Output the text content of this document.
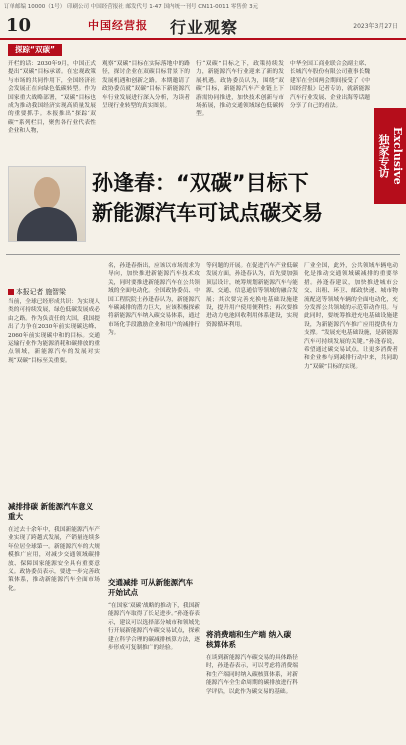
订单邮编 10000（1号） 印刷公司 中国经营报社 邮发代号 1-47 国内统一刊号 CN11-0011 零售价 3元
10	中国经营报 行业观察	2023年3月27日
探踪“双碳”
开栏的话：2030年9月，中国正式提出“双碳”目标承诺。在宏观政策与市场的共同作用下，全国经济社会发展正在向绿色低碳转型。作为国家重大战略部署，“双碳”目标也成为推动我国经济实现高质量发展的重要抓手。本报推出“探踪‘双碳’”系列栏目，聚焦各行业代表性企业和人物，
观察“双碳”目标在实际落地中的路径，探讨企业在双碳目标背景下的发展机遇和创新之路。本期邀请了政协委员就“双碳”目标下新能源汽车行业发展进行深入分析，为读者呈现行业转型的真实图景。
行“双碳”目标之下，政策持续发力，新能源汽车行业迎来了新的发展机遇。政协委员认为，围绕“双碳”目标，新能源汽车产业链上下游需协同推进，加快技术创新与市场拓展，推动交通领域绿色低碳转型。
中华全国工商业联合会副主席、长城汽车股份有限公司董事长魏建军在全国两会期间接受了《中国经营报》记者专访，就新能源汽车行业发展、企业出海等话题分享了自己的看法。
Exclusive 独家专访
孙逢春：“双碳”目标下
新能源汽车可试点碳交易
本报记者 施智梁
当前，全球已经形成共识：为实现人类的可持续发展，绿色低碳发展成必由之路。作为负责任的大国，我国提出了力争在2030年前实现碳达峰、2060年前实现碳中和的目标。交通运输行业作为能源消耗和碳排放的重点领域，新能源汽车的发展对实现“双碳”目标至关重要。
减排排碳 新能源汽车意义重大
在过去十余年中，我国新能源汽车产业实现了跨越式发展，产销量连续多年位居全球第一。新能源汽车的大规模推广应用，对减少交通领域碳排放、保障国家能源安全具有重要意义。政协委员表示，要进一步完善政策体系，推动新能源汽车全面市场化。
名，孙逢春指出，应该以市场需求为导向，加快推进新能源汽车技术攻关，同时要推进新能源汽车在公共领域的全面电动化。全国政协委员、中国工程院院士孙逢春认为，新能源汽车碳减排的潜力巨大，应该积极探索将新能源汽车纳入碳交易体系，通过市场化手段激励企业和用户的减排行为。
交通减排 可从新能源汽车开始试点
“在国家‘双碳’战略的推动下，我国新能源汽车取得了长足进步。”孙逢春表示，建议可以选择部分城市和领域先行开展新能源汽车碳交易试点，探索建立科学合理的碳减排核算方法，逐步形成可复制推广的经验。
等问题的开展。在促进汽车产业低碳发展方面，孙逢春认为，首先要加强顶层设计，统筹规划新能源汽车与能源、交通、信息通信等领域的融合发展；其次要完善充换电基础设施建设，提升用户使用便利性；再次要推进动力电池回收利用体系建设，实现资源循环利用。
将消费端和生产端 纳入碳核算体系
在谈到新能源汽车碳交易的具体路径时，孙逢春表示，可以考虑将消费端和生产端同时纳入碳核算体系，对新能源汽车全生命周期的碳排放进行科学评估，以此作为碳交易的基础。
厂业全国，此外，公共领域车辆电动化是推动交通领域碳减排的重要举措。孙逢春建议，加快推进城市公交、出租、环卫、邮政快递、城市物流配送等领域车辆的全面电动化，充分发挥公共领域的示范带动作用。与此同时，要统筹推进充电基础设施建设，为新能源汽车推广应用提供有力支撑。“发展充电基础设施，是新能源汽车可持续发展的关键。”孙逢春说，希望通过碳交易试点，让更多消费者和企业参与到减排行动中来，共同助力“双碳”目标的实现。
